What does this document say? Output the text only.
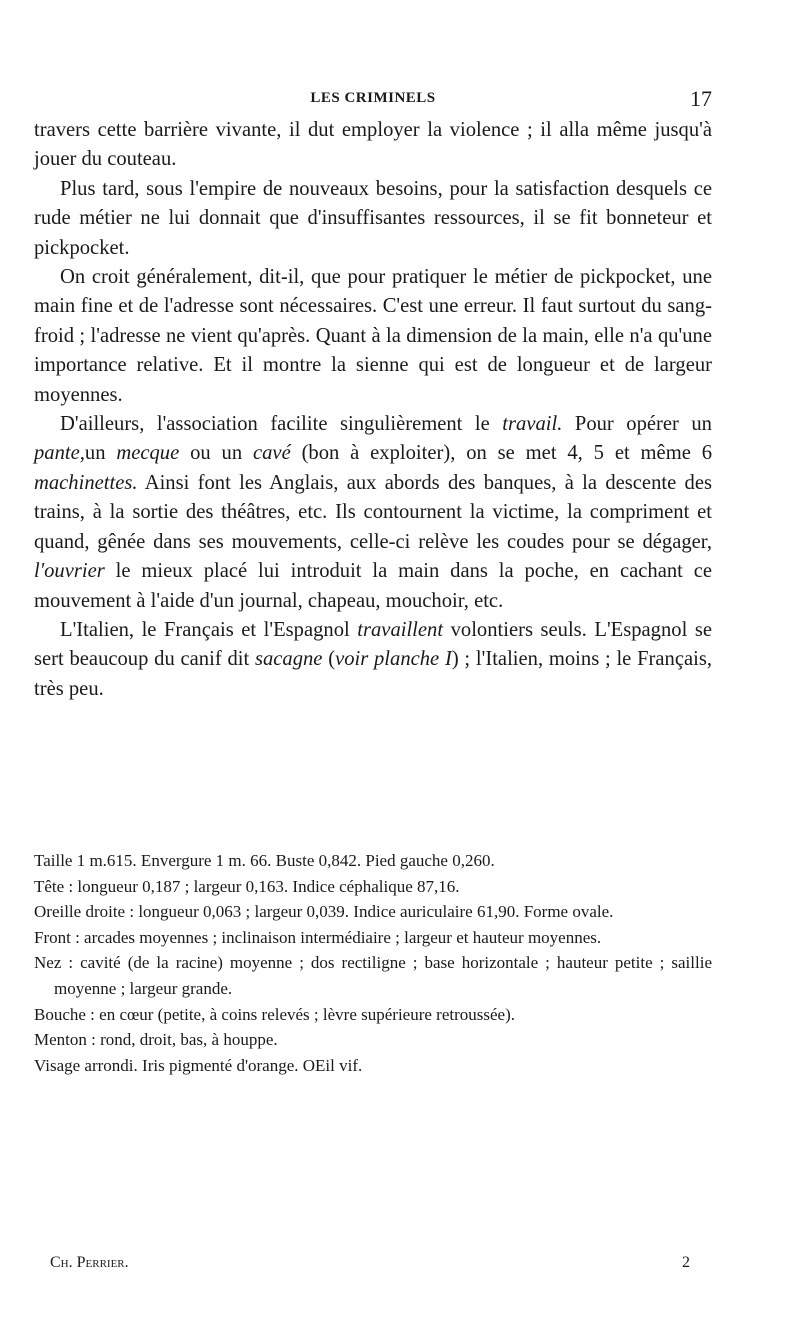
LES CRIMINELS	17

travers cette barrière vivante, il dut employer la violence ; il alla même jusqu'à jouer du couteau.

Plus tard, sous l'empire de nouveaux besoins, pour la satisfaction desquels ce rude métier ne lui donnait que d'insuffisantes ressources, il se fit bonneteur et pickpocket.

On croit généralement, dit-il, que pour pratiquer le métier de pickpocket, une main fine et de l'adresse sont nécessaires. C'est une erreur. Il faut surtout du sang-froid ; l'adresse ne vient qu'après. Quant à la dimension de la main, elle n'a qu'une importance relative. Et il montre la sienne qui est de longueur et de largeur moyennes.

D'ailleurs, l'association facilite singulièrement le travail. Pour opérer un pante,un mecque ou un cavé (bon à exploiter), on se met 4, 5 et même 6 machinettes. Ainsi font les Anglais, aux abords des banques, à la descente des trains, à la sortie des théâtres, etc. Ils contournent la victime, la compriment et quand, gênée dans ses mouvements, celle-ci relève les coudes pour se dégager, l'ouvrier le mieux placé lui introduit la main dans la poche, en cachant ce mouvement à l'aide d'un journal, chapeau, mouchoir, etc.

L'Italien, le Français et l'Espagnol travaillent volontiers seuls. L'Espagnol se sert beaucoup du canif dit sacagne (voir planche I) ; l'Italien, moins ; le Français, très peu.

Taille 1 m.615. Envergure 1 m. 66. Buste 0,842. Pied gauche 0,260.

Tête : longueur 0,187 ; largeur 0,163. Indice céphalique 87,16.

Oreille droite : longueur 0,063 ; largeur 0,039. Indice auriculaire 61,90. Forme ovale.

Front : arcades moyennes ; inclinaison intermédiaire ; largeur et hauteur moyennes.

Nez : cavité (de la racine) moyenne ; dos rectiligne ; base horizontale ; hauteur petite ; saillie moyenne ; largeur grande.

Bouche : en cœur (petite, à coins relevés ; lèvre supérieure retroussée).

Menton : rond, droit, bas, à houppe.

Visage arrondi. Iris pigmenté d'orange. OEil vif.

Ch. Perrier.	2
